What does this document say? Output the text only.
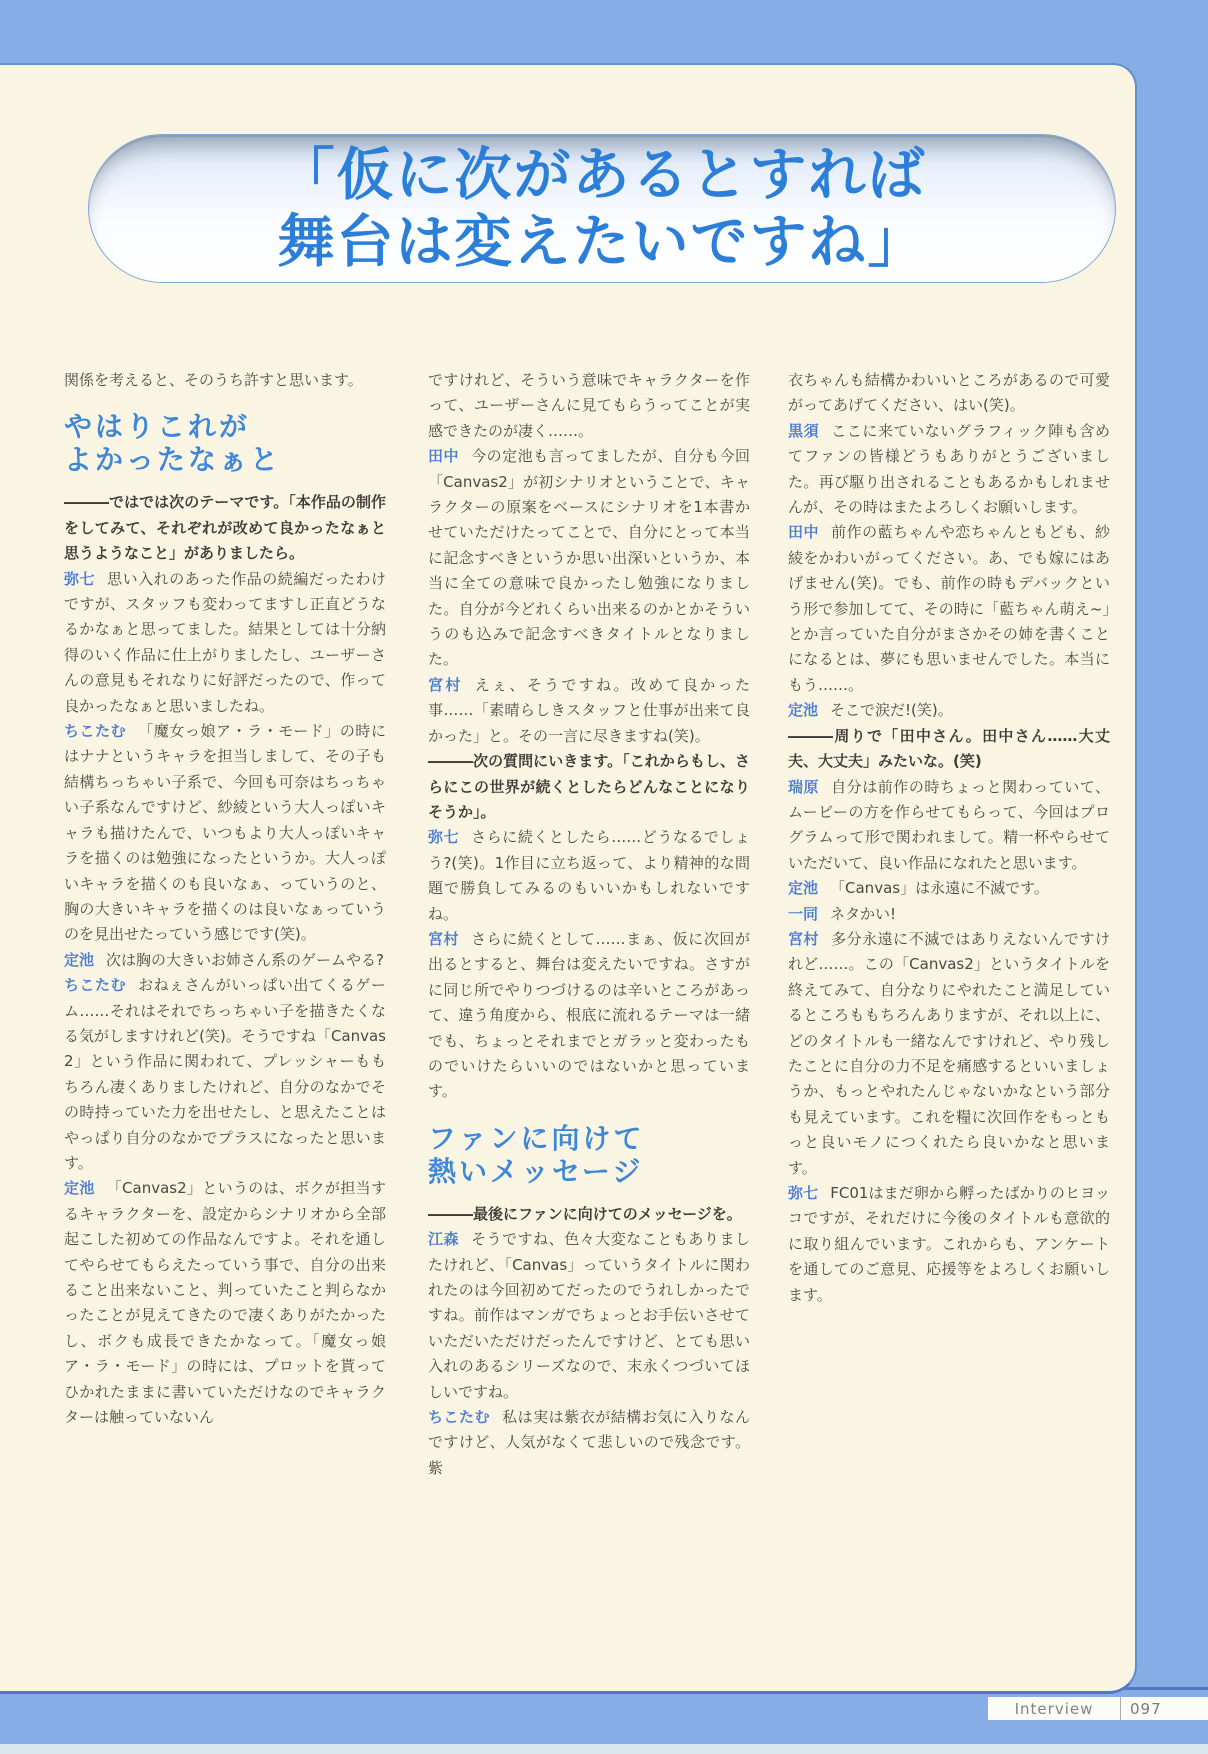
「仮に次があるとすれば
舞台は変えたいですね」

関係を考えると、そのうち許すと思います。

やはりこれが
よかったなぁと

―――ではでは次のテーマです。「本作品の制作をしてみて、それぞれが改めて良かったなぁと思うようなこと」がありましたら。

弥七 思い入れのあった作品の続編だったわけですが、スタッフも変わってますし正直どうなるかなぁと思ってました。結果としては十分納得のいく作品に仕上がりましたし、ユーザーさんの意見もそれなりに好評だったので、作って良かったなぁと思いましたね。

ちこたむ 「魔女っ娘ア・ラ・モード」の時にはナナというキャラを担当しまして、その子も結構ちっちゃい子系で、今回も可奈はちっちゃい子系なんですけど、紗綾という大人っぽいキャラも描けたんで、いつもより大人っぽいキャラを描くのは勉強になったというか。大人っぽいキャラを描くのも良いなぁ、っていうのと、胸の大きいキャラを描くのは良いなぁっていうのを見出せたっていう感じです(笑)。

定池 次は胸の大きいお姉さん系のゲームやる?

ちこたむ おねぇさんがいっぱい出てくるゲーム……それはそれでちっちゃい子を描きたくなる気がしますけれど(笑)。そうですね「Canvas2」という作品に関われて、プレッシャーももちろん凄くありましたけれど、自分のなかでその時持っていた力を出せたし、と思えたことはやっぱり自分のなかでプラスになったと思います。

定池 「Canvas2」というのは、ボクが担当するキャラクターを、設定からシナリオから全部起こした初めての作品なんですよ。それを通してやらせてもらえたっていう事で、自分の出来ること出来ないこと、判っていたこと判らなかったことが見えてきたので凄くありがたかったし、ボクも成長できたかなって。「魔女っ娘ア・ラ・モード」の時には、プロットを貰ってひかれたままに書いていただけなのでキャラクターは触っていないん

ですけれど、そういう意味でキャラクターを作って、ユーザーさんに見てもらうってことが実感できたのが凄く……。

田中 今の定池も言ってましたが、自分も今回「Canvas2」が初シナリオということで、キャラクターの原案をベースにシナリオを1本書かせていただけたってことで、自分にとって本当に記念すべきというか思い出深いというか、本当に全ての意味で良かったし勉強になりました。自分が今どれくらい出来るのかとかそういうのも込みで記念すべきタイトルとなりました。

宮村 えぇ、そうですね。改めて良かった事……「素晴らしきスタッフと仕事が出来て良かった」と。その一言に尽きますね(笑)。

―――次の質問にいきます。「これからもし、さらにこの世界が続くとしたらどんなことになりそうか」。

弥七 さらに続くとしたら……どうなるでしょう?(笑)。1作目に立ち返って、より精神的な問題で勝負してみるのもいいかもしれないですね。

宮村 さらに続くとして……まぁ、仮に次回が出るとすると、舞台は変えたいですね。さすがに同じ所でやりつづけるのは辛いところがあって、違う角度から、根底に流れるテーマは一緒でも、ちょっとそれまでとガラッと変わったものでいけたらいいのではないかと思っています。

ファンに向けて
熱いメッセージ

―――最後にファンに向けてのメッセージを。

江森 そうですね、色々大変なこともありましたけれど、「Canvas」っていうタイトルに関われたのは今回初めてだったのでうれしかったですね。前作はマンガでちょっとお手伝いさせていただいただけだったんですけど、とても思い入れのあるシリーズなので、末永くつづいてほしいですね。

ちこたむ 私は実は紫衣が結構お気に入りなんですけど、人気がなくて悲しいので残念です。紫

衣ちゃんも結構かわいいところがあるので可愛がってあげてください、はい(笑)。

黒須 ここに来ていないグラフィック陣も含めてファンの皆様どうもありがとうございました。再び駆り出されることもあるかもしれませんが、その時はまたよろしくお願いします。

田中 前作の藍ちゃんや恋ちゃんともども、紗綾をかわいがってください。あ、でも嫁にはあげません(笑)。でも、前作の時もデバックという形で参加してて、その時に「藍ちゃん萌え~」とか言っていた自分がまさかその姉を書くことになるとは、夢にも思いませんでした。本当にもう……。

定池 そこで涙だ!(笑)。

―――周りで「田中さん。田中さん……大丈夫、大丈夫」みたいな。(笑)

瑞原 自分は前作の時ちょっと関わっていて、ムービーの方を作らせてもらって、今回はプログラムって形で関われまして。精一杯やらせていただいて、良い作品になれたと思います。

定池 「Canvas」は永遠に不滅です。

一同 ネタかい!

宮村 多分永遠に不滅ではありえないんですけれど……。この「Canvas2」というタイトルを終えてみて、自分なりにやれたこと満足しているところももちろんありますが、それ以上に、どのタイトルも一緒なんですけれど、やり残したことに自分の力不足を痛感するといいましょうか、もっとやれたんじゃないかなという部分も見えています。これを糧に次回作をもっともっと良いモノにつくれたら良いかなと思います。

弥七 FC01はまだ卵から孵ったばかりのヒヨッコですが、それだけに今後のタイトルも意欲的に取り組んでいます。これからも、アンケートを通してのご意見、応援等をよろしくお願いします。

Interview	097
